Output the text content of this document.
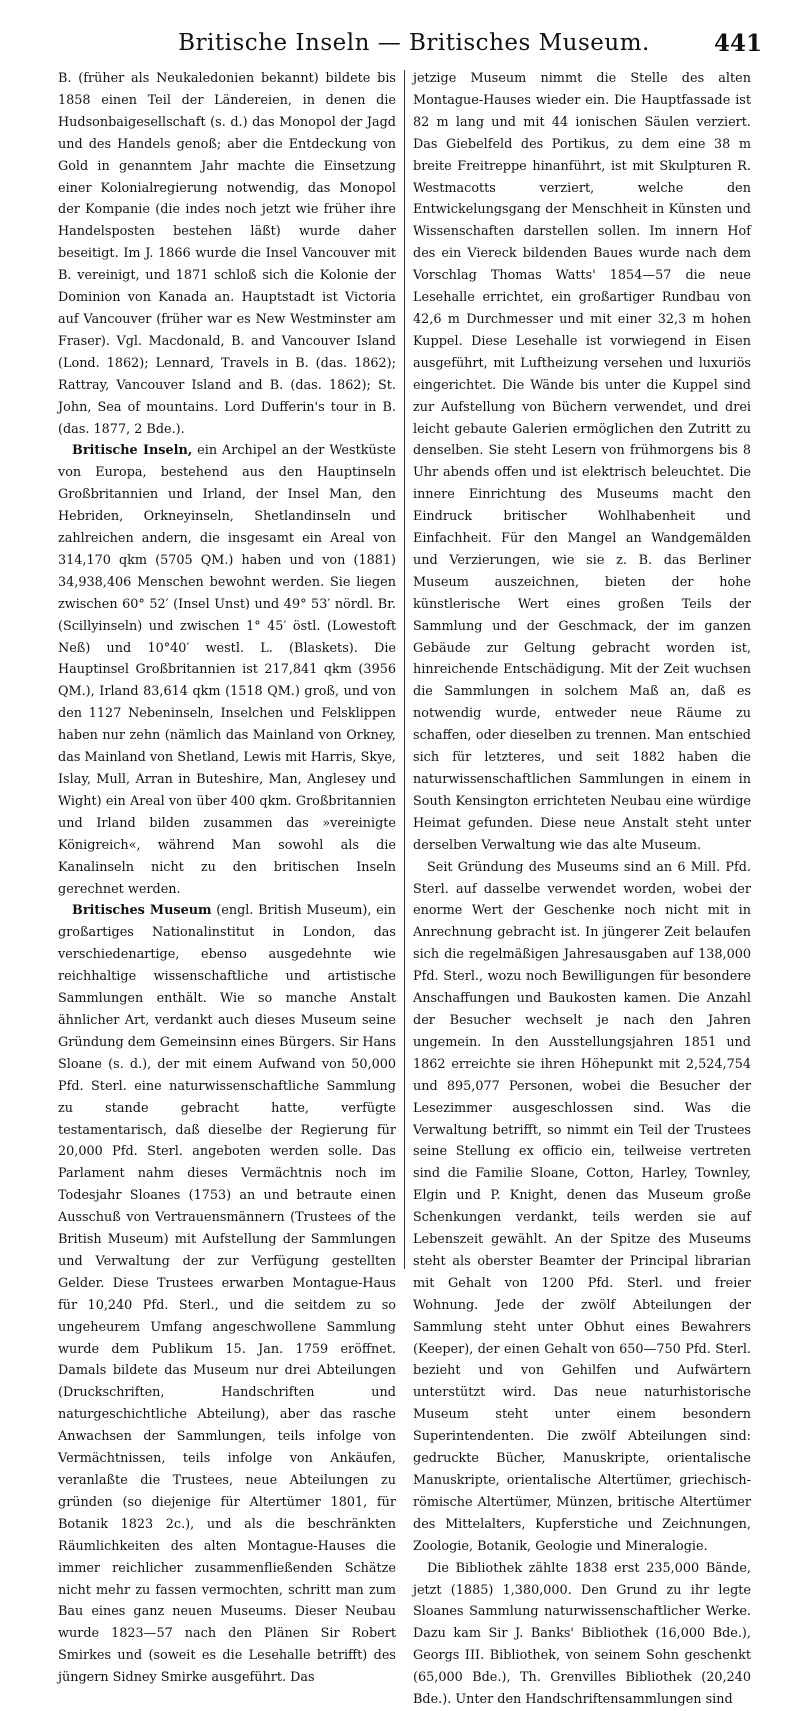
Britische Inseln — Britisches Museum.	441

B. (früher als Neukaledonien bekannt) bildete bis 1858 einen Teil der Ländereien, in denen die Hudsonbaigesellschaft (s. d.) das Monopol der Jagd und des Handels genoß; aber die Entdeckung von Gold in genanntem Jahr machte die Einsetzung einer Kolonialregierung notwendig, das Monopol der Kompanie (die indes noch jetzt wie früher ihre Handelsposten bestehen läßt) wurde daher beseitigt. Im J. 1866 wurde die Insel Vancouver mit B. vereinigt, und 1871 schloß sich die Kolonie der Dominion von Kanada an. Hauptstadt ist Victoria auf Vancouver (früher war es New Westminster am Fraser). Vgl. Macdonald, B. and Vancouver Island (Lond. 1862); Lennard, Travels in B. (das. 1862); Rattray, Vancouver Island and B. (das. 1862); St. John, Sea of mountains. Lord Dufferin's tour in B. (das. 1877, 2 Bde.).

Britische Inseln, ein Archipel an der Westküste von Europa, bestehend aus den Hauptinseln Großbritannien und Irland, der Insel Man, den Hebriden, Orkneyinseln, Shetlandinseln und zahlreichen andern, die insgesamt ein Areal von 314,170 qkm (5705 QM.) haben und von (1881) 34,938,406 Menschen bewohnt werden. Sie liegen zwischen 60° 52′ (Insel Unst) und 49° 53′ nördl. Br. (Scillyinseln) und zwischen 1° 45′ östl. (Lowestoft Neß) und 10°40′ westl. L. (Blaskets). Die Hauptinsel Großbritannien ist 217,841 qkm (3956 QM.), Irland 83,614 qkm (1518 QM.) groß, und von den 1127 Nebeninseln, Inselchen und Felsklippen haben nur zehn (nämlich das Mainland von Orkney, das Mainland von Shetland, Lewis mit Harris, Skye, Islay, Mull, Arran in Buteshire, Man, Anglesey und Wight) ein Areal von über 400 qkm. Großbritannien und Irland bilden zusammen das »vereinigte Königreich«, während Man sowohl als die Kanalinseln nicht zu den britischen Inseln gerechnet werden.

Britisches Museum (engl. British Museum), ein großartiges Nationalinstitut in London, das verschiedenartige, ebenso ausgedehnte wie reichhaltige wissenschaftliche und artistische Sammlungen enthält. Wie so manche Anstalt ähnlicher Art, verdankt auch dieses Museum seine Gründung dem Gemeinsinn eines Bürgers. Sir Hans Sloane (s. d.), der mit einem Aufwand von 50,000 Pfd. Sterl. eine naturwissenschaftliche Sammlung zu stande gebracht hatte, verfügte testamentarisch, daß dieselbe der Regierung für 20,000 Pfd. Sterl. angeboten werden solle. Das Parlament nahm dieses Vermächtnis noch im Todesjahr Sloanes (1753) an und betraute einen Ausschuß von Vertrauensmännern (Trustees of the British Museum) mit Aufstellung der Sammlungen und Verwaltung der zur Verfügung gestellten Gelder. Diese Trustees erwarben Montague-Haus für 10,240 Pfd. Sterl., und die seitdem zu so ungeheurem Umfang angeschwollene Sammlung wurde dem Publikum 15. Jan. 1759 eröffnet. Damals bildete das Museum nur drei Abteilungen (Druckschriften, Handschriften und naturgeschichtliche Abteilung), aber das rasche Anwachsen der Sammlungen, teils infolge von Vermächtnissen, teils infolge von Ankäufen, veranlaßte die Trustees, neue Abteilungen zu gründen (so diejenige für Altertümer 1801, für Botanik 1823 2c.), und als die beschränkten Räumlichkeiten des alten Montague-Hauses die immer reichlicher zusammenfließenden Schätze nicht mehr zu fassen vermochten, schritt man zum Bau eines ganz neuen Museums. Dieser Neubau wurde 1823—57 nach den Plänen Sir Robert Smirkes und (soweit es die Lesehalle betrifft) des jüngern Sidney Smirke ausgeführt. Das

jetzige Museum nimmt die Stelle des alten Montague-Hauses wieder ein. Die Hauptfassade ist 82 m lang und mit 44 ionischen Säulen verziert. Das Giebelfeld des Portikus, zu dem eine 38 m breite Freitreppe hinanführt, ist mit Skulpturen R. Westmacotts verziert, welche den Entwickelungsgang der Menschheit in Künsten und Wissenschaften darstellen sollen. Im innern Hof des ein Viereck bildenden Baues wurde nach dem Vorschlag Thomas Watts' 1854—57 die neue Lesehalle errichtet, ein großartiger Rundbau von 42,6 m Durchmesser und mit einer 32,3 m hohen Kuppel. Diese Lesehalle ist vorwiegend in Eisen ausgeführt, mit Luftheizung versehen und luxuriös eingerichtet. Die Wände bis unter die Kuppel sind zur Aufstellung von Büchern verwendet, und drei leicht gebaute Galerien ermöglichen den Zutritt zu denselben. Sie steht Lesern von frühmorgens bis 8 Uhr abends offen und ist elektrisch beleuchtet. Die innere Einrichtung des Museums macht den Eindruck britischer Wohlhabenheit und Einfachheit. Für den Mangel an Wandgemälden und Verzierungen, wie sie z. B. das Berliner Museum auszeichnen, bieten der hohe künstlerische Wert eines großen Teils der Sammlung und der Geschmack, der im ganzen Gebäude zur Geltung gebracht worden ist, hinreichende Entschädigung. Mit der Zeit wuchsen die Sammlungen in solchem Maß an, daß es notwendig wurde, entweder neue Räume zu schaffen, oder dieselben zu trennen. Man entschied sich für letzteres, und seit 1882 haben die naturwissenschaftlichen Sammlungen in einem in South Kensington errichteten Neubau eine würdige Heimat gefunden. Diese neue Anstalt steht unter derselben Verwaltung wie das alte Museum.

Seit Gründung des Museums sind an 6 Mill. Pfd. Sterl. auf dasselbe verwendet worden, wobei der enorme Wert der Geschenke noch nicht mit in Anrechnung gebracht ist. In jüngerer Zeit belaufen sich die regelmäßigen Jahresausgaben auf 138,000 Pfd. Sterl., wozu noch Bewilligungen für besondere Anschaffungen und Baukosten kamen. Die Anzahl der Besucher wechselt je nach den Jahren ungemein. In den Ausstellungsjahren 1851 und 1862 erreichte sie ihren Höhepunkt mit 2,524,754 und 895,077 Personen, wobei die Besucher der Lesezimmer ausgeschlossen sind. Was die Verwaltung betrifft, so nimmt ein Teil der Trustees seine Stellung ex officio ein, teilweise vertreten sind die Familie Sloane, Cotton, Harley, Townley, Elgin und P. Knight, denen das Museum große Schenkungen verdankt, teils werden sie auf Lebenszeit gewählt. An der Spitze des Museums steht als oberster Beamter der Principal librarian mit Gehalt von 1200 Pfd. Sterl. und freier Wohnung. Jede der zwölf Abteilungen der Sammlung steht unter Obhut eines Bewahrers (Keeper), der einen Gehalt von 650—750 Pfd. Sterl. bezieht und von Gehilfen und Aufwärtern unterstützt wird. Das neue naturhistorische Museum steht unter einem besondern Superintendenten. Die zwölf Abteilungen sind: gedruckte Bücher, Manuskripte, orientalische Manuskripte, orientalische Altertümer, griechisch-römische Altertümer, Münzen, britische Altertümer des Mittelalters, Kupferstiche und Zeichnungen, Zoologie, Botanik, Geologie und Mineralogie.

Die Bibliothek zählte 1838 erst 235,000 Bände, jetzt (1885) 1,380,000. Den Grund zu ihr legte Sloanes Sammlung naturwissenschaftlicher Werke. Dazu kam Sir J. Banks' Bibliothek (16,000 Bde.), Georgs III. Bibliothek, von seinem Sohn geschenkt (65,000 Bde.), Th. Grenvilles Bibliothek (20,240 Bde.). Unter den Handschriftensammlungen sind
